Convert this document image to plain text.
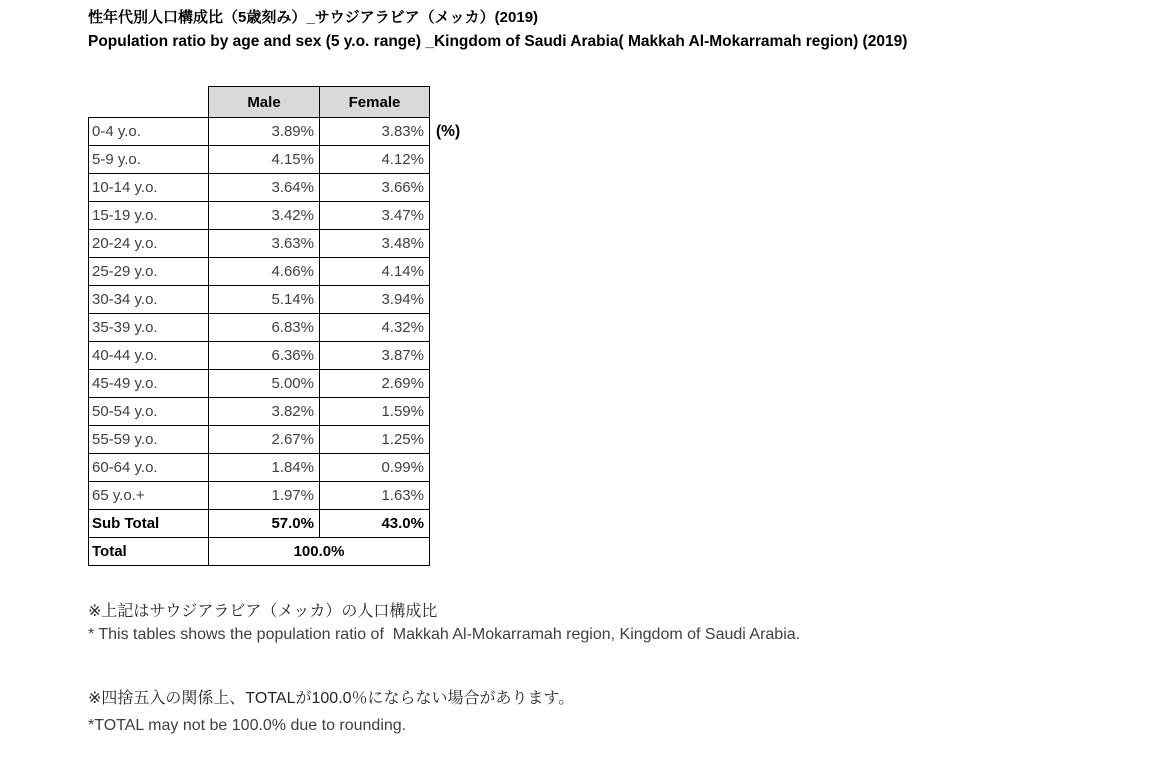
性年代別人口構成比（5歳刻み）_サウジアラビア（メッカ）(2019)
Population ratio by age and sex (5 y.o. range) _Kingdom of Saudi Arabia( Makkah Al-Mokarramah region) (2019)
	Male	Female
0-4 y.o.	3.89%	3.83%
5-9 y.o.	4.15%	4.12%
10-14 y.o.	3.64%	3.66%
15-19 y.o.	3.42%	3.47%
20-24 y.o.	3.63%	3.48%
25-29 y.o.	4.66%	4.14%
30-34 y.o.	5.14%	3.94%
35-39 y.o.	6.83%	4.32%
40-44 y.o.	6.36%	3.87%
45-49 y.o.	5.00%	2.69%
50-54 y.o.	3.82%	1.59%
55-59 y.o.	2.67%	1.25%
60-64 y.o.	1.84%	0.99%
65 y.o.+	1.97%	1.63%
Sub Total	57.0%	43.0%
Total	100.0%	
(%)
※上記はサウジアラビア（メッカ）の人口構成比
* This tables shows the population ratio of  Makkah Al-Mokarramah region, Kingdom of Saudi Arabia.
※四捨五入の関係上、TOTALが100.0％にならない場合があります。
*TOTAL may not be 100.0% due to rounding.
